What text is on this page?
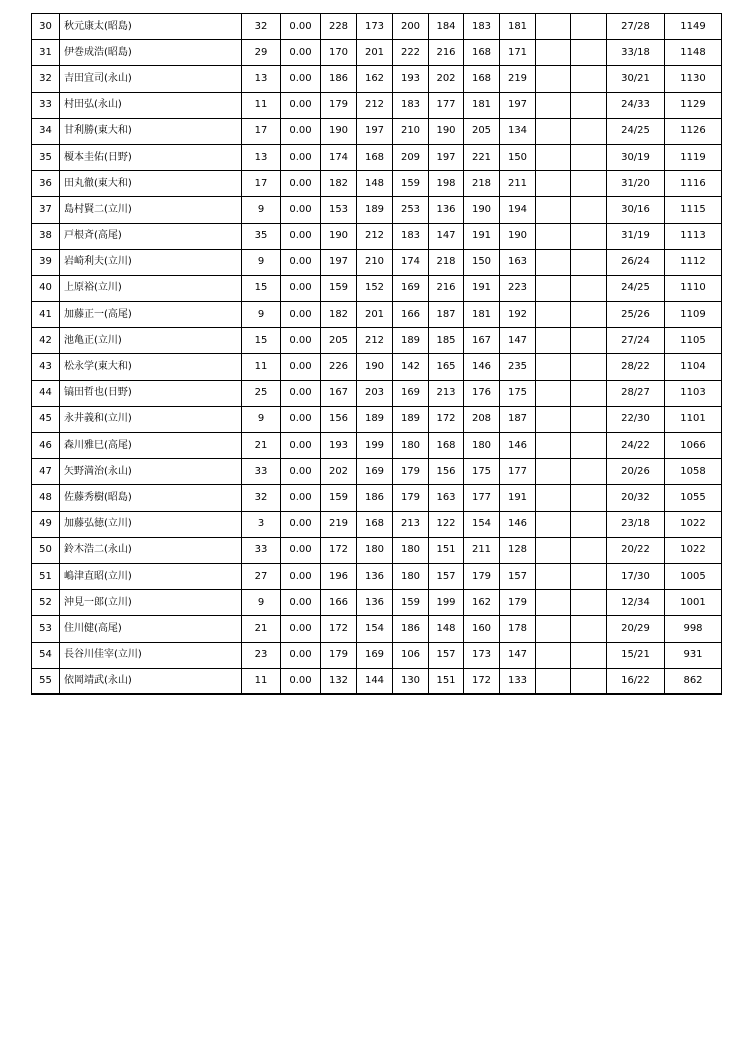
30	秋元康太(昭島)	32	0.00	228	173	200	184	183	181			27/28	1149
31	伊巻成浩(昭島)	29	0.00	170	201	222	216	168	171			33/18	1148
32	吉田宜司(永山)	13	0.00	186	162	193	202	168	219			30/21	1130
33	村田弘(永山)	11	0.00	179	212	183	177	181	197			24/33	1129
34	甘利勝(東大和)	17	0.00	190	197	210	190	205	134			24/25	1126
35	榎本圭佑(日野)	13	0.00	174	168	209	197	221	150			30/19	1119
36	田丸徹(東大和)	17	0.00	182	148	159	198	218	211			31/20	1116
37	島村賢二(立川)	9	0.00	153	189	253	136	190	194			30/16	1115
38	戸根斉(高尾)	35	0.00	190	212	183	147	191	190			31/19	1113
39	岩崎利夫(立川)	9	0.00	197	210	174	218	150	163			26/24	1112
40	上原裕(立川)	15	0.00	159	152	169	216	191	223			24/25	1110
41	加藤正一(高尾)	9	0.00	182	201	166	187	181	192			25/26	1109
42	池亀正(立川)	15	0.00	205	212	189	185	167	147			27/24	1105
43	松永学(東大和)	11	0.00	226	190	142	165	146	235			28/22	1104
44	镐田哲也(日野)	25	0.00	167	203	169	213	176	175			28/27	1103
45	永井義和(立川)	9	0.00	156	189	189	172	208	187			22/30	1101
46	森川雅巳(高尾)	21	0.00	193	199	180	168	180	146			24/22	1066
47	矢野満治(永山)	33	0.00	202	169	179	156	175	177			20/26	1058
48	佐藤秀樹(昭島)	32	0.00	159	186	179	163	177	191			20/32	1055
49	加藤弘徳(立川)	3	0.00	219	168	213	122	154	146			23/18	1022
50	鈴木浩二(永山)	33	0.00	172	180	180	151	211	128			20/22	1022
51	嶋津直昭(立川)	27	0.00	196	136	180	157	179	157			17/30	1005
52	沖見一郎(立川)	9	0.00	166	136	159	199	162	179			12/34	1001
53	住川健(高尾)	21	0.00	172	154	186	148	160	178			20/29	998
54	長谷川佳宰(立川)	23	0.00	179	169	106	157	173	147			15/21	931
55	依岡靖武(永山)	11	0.00	132	144	130	151	172	133			16/22	862
